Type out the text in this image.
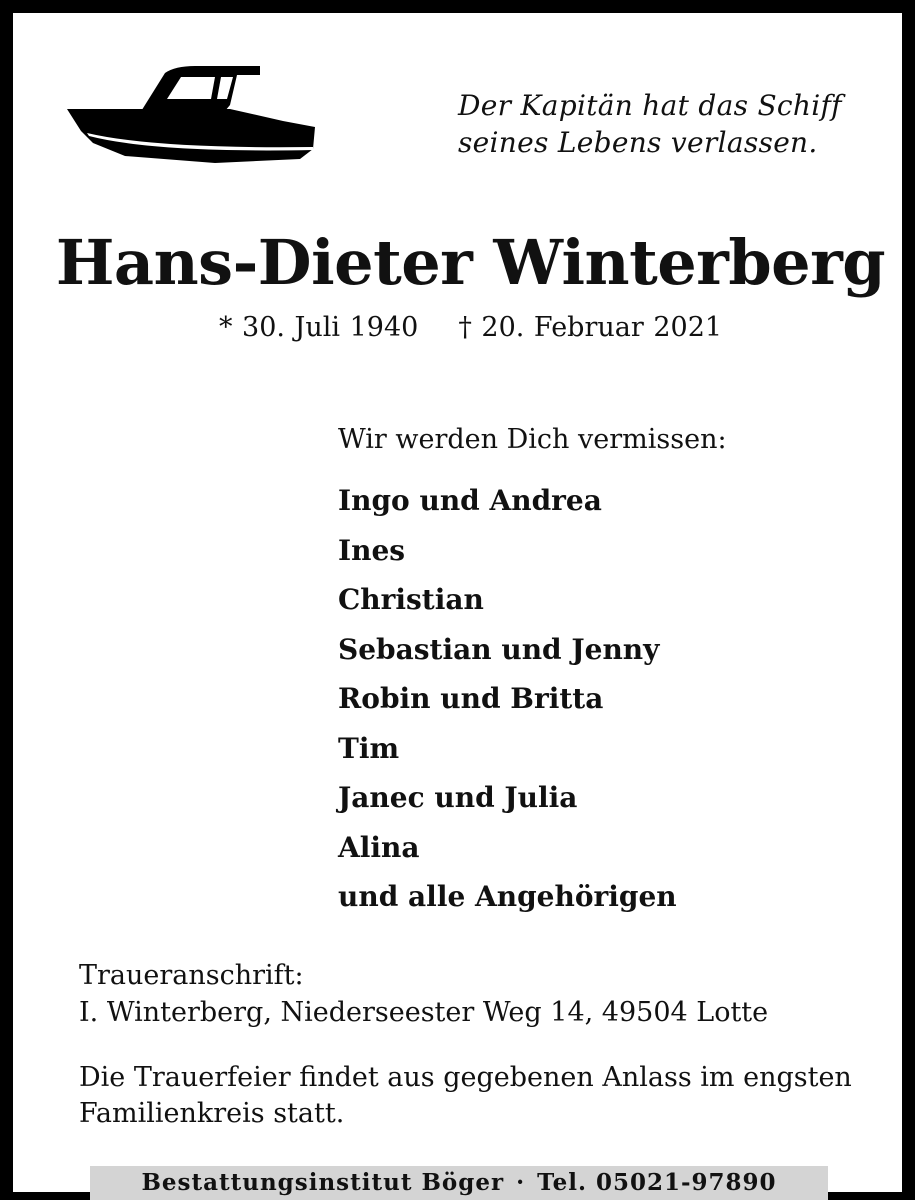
Der Kapitän hat das Schiff
seines Lebens verlassen.
Hans-Dieter Winterberg
* 30. Juli 1940 † 20. Februar 2021
Wir werden Dich vermissen:
Ingo und Andrea
Ines
Christian
Sebastian und Jenny
Robin und Britta
Tim
Janec und Julia
Alina
und alle Angehörigen
Traueranschrift:
I. Winterberg, Niederseester Weg 14, 49504 Lotte
Die Trauerfeier findet aus gegebenen Anlass im engsten
Familienkreis statt.
Bestattungsinstitut Böger · Tel. 05021-97890
